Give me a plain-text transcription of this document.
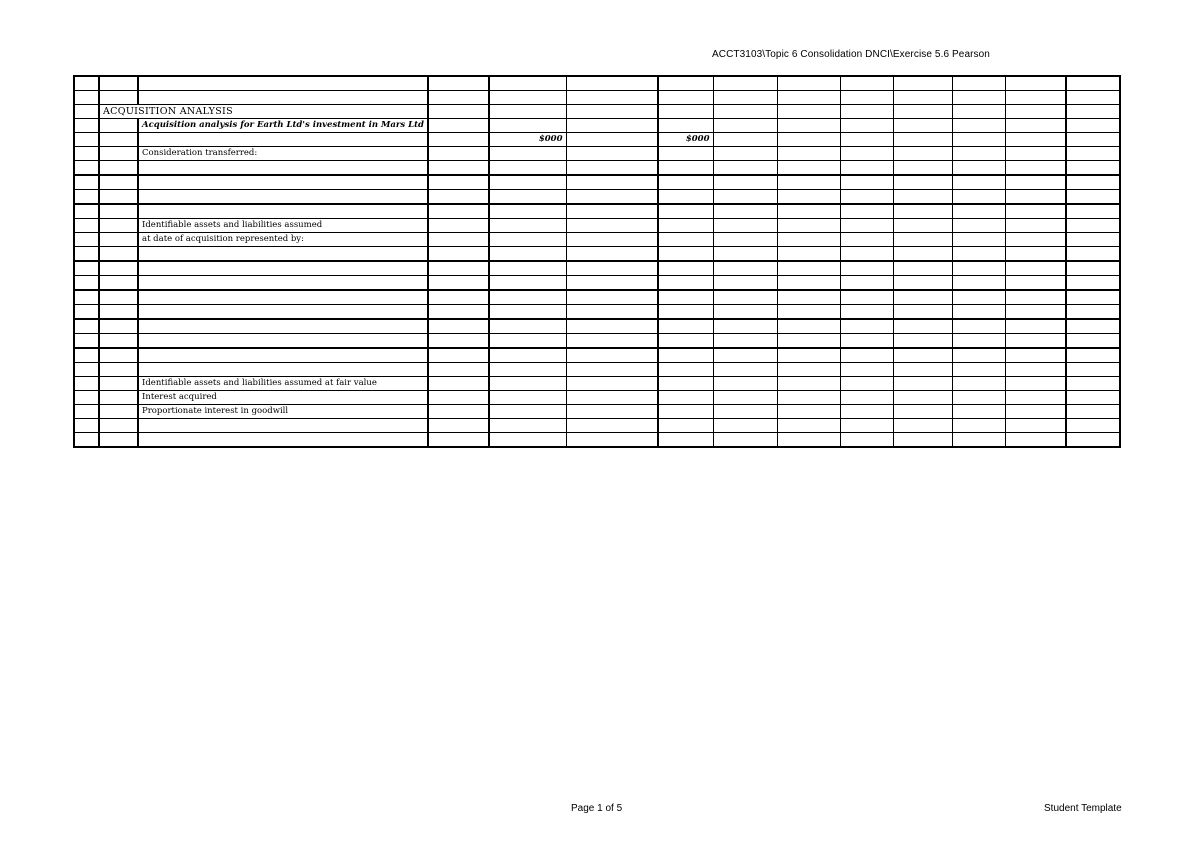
ACCT3103\Topic 6 Consolidation DNCI\Exercise 5.6 Pearson

	ACQUISITION ANALYSIS												
		Acquisition analysis for Earth Ltd's investment in Mars Ltd											
				$000		$000							
		Consideration transferred:											

		Identifiable assets and liabilities assumed											
		at date of acquisition represented by:											

		Identifiable assets and liabilities assumed at fair value											
		Interest acquired											
		Proportionate interest in goodwill											

Page 1 of 5	Student Template
